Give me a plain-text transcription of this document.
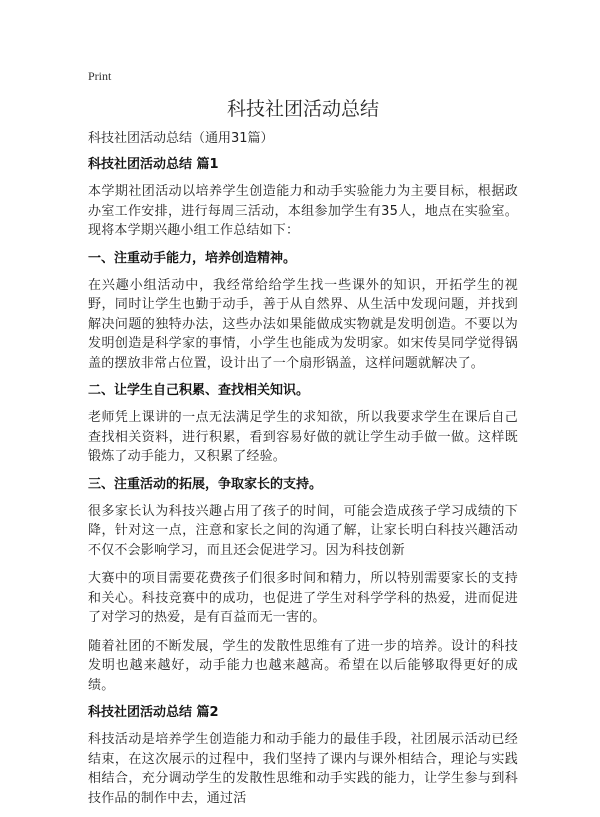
Print
科技社团活动总结
科技社团活动总结（通用31篇）
科技社团活动总结 篇1

本学期社团活动以培养学生创造能力和动手实验能力为主要目标，根据政办室工作安排，进行每周三活动，本组参加学生有35人，地点在实验室。现将本学期兴趣小组工作总结如下：

一、注重动手能力，培养创造精神。

在兴趣小组活动中，我经常给给学生找一些课外的知识，开拓学生的视野，同时让学生也勤于动手，善于从自然界、从生活中发现问题，并找到解决问题的独特办法，这些办法如果能做成实物就是发明创造。不要以为发明创造是科学家的事情，小学生也能成为发明家。如宋传昊同学觉得锅盖的摆放非常占位置，设计出了一个扇形锅盖，这样问题就解决了。

二、让学生自己积累、查找相关知识。

老师凭上课讲的一点无法满足学生的求知欲，所以我要求学生在课后自己查找相关资料，进行积累，看到容易好做的就让学生动手做一做。这样既锻炼了动手能力，又积累了经验。

三、注重活动的拓展，争取家长的支持。

很多家长认为科技兴趣占用了孩子的时间，可能会造成孩子学习成绩的下降，针对这一点，注意和家长之间的沟通了解，让家长明白科技兴趣活动不仅不会影响学习，而且还会促进学习。因为科技创新

大赛中的项目需要花费孩子们很多时间和精力，所以特别需要家长的支持和关心。科技竞赛中的成功，也促进了学生对科学学科的热爱，进而促进了对学习的热爱，是有百益而无一害的。

随着社团的不断发展，学生的发散性思维有了进一步的培养。设计的科技发明也越来越好，动手能力也越来越高。希望在以后能够取得更好的成绩。

科技社团活动总结 篇2

科技活动是培养学生创造能力和动手能力的最佳手段，社团展示活动已经结束，在这次展示的过程中，我们坚持了课内与课外相结合，理论与实践相结合，充分调动学生的发散性思维和动手实践的能力，让学生参与到科技作品的制作中去，通过活
